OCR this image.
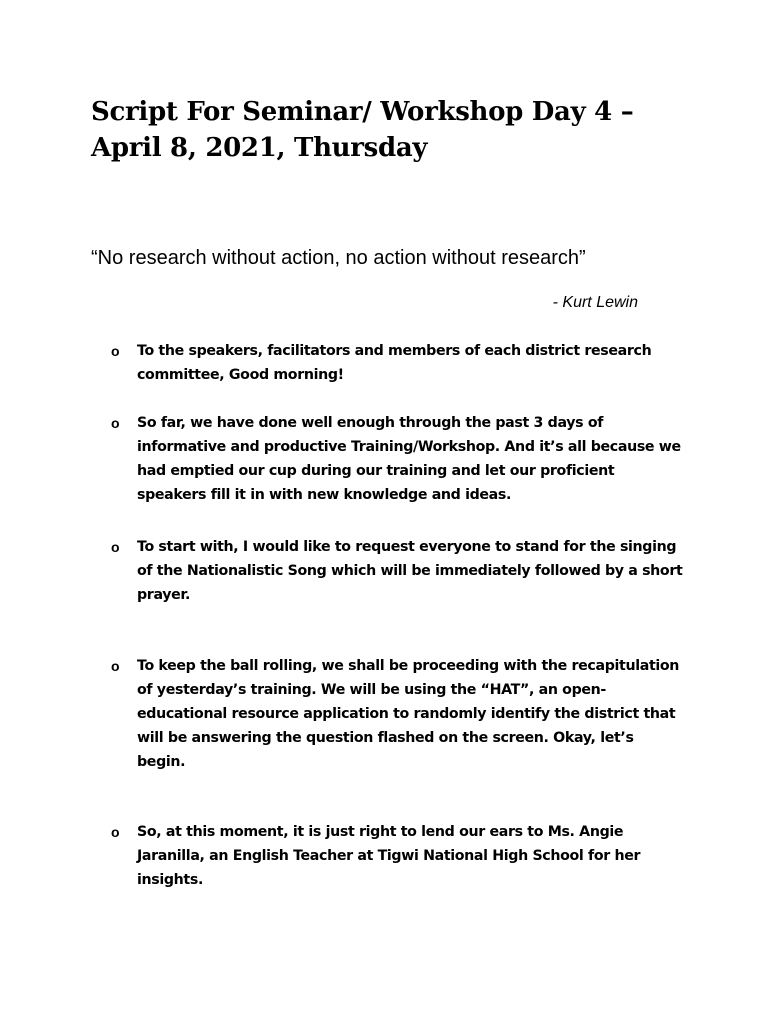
Script For Seminar/ Workshop Day 4 – April 8, 2021, Thursday

“No research without action, no action without research”

- Kurt Lewin
o To the speakers, facilitators and members of each district research committee, Good morning!
o So far, we have done well enough through the past 3 days of informative and productive Training/Workshop. And it’s all because we had emptied our cup during our training and let our proficient speakers fill it in with new knowledge and ideas.
o To start with, I would like to request everyone to stand for the singing of the Nationalistic Song which will be immediately followed by a short prayer.
o To keep the ball rolling, we shall be proceeding with the recapitulation of yesterday’s training. We will be using the “HAT”, an open-educational resource application to randomly identify the district that will be answering the question flashed on the screen. Okay, let’s begin.
o So, at this moment, it is just right to lend our ears to Ms. Angie Jaranilla, an English Teacher at Tigwi National High School for her insights.
